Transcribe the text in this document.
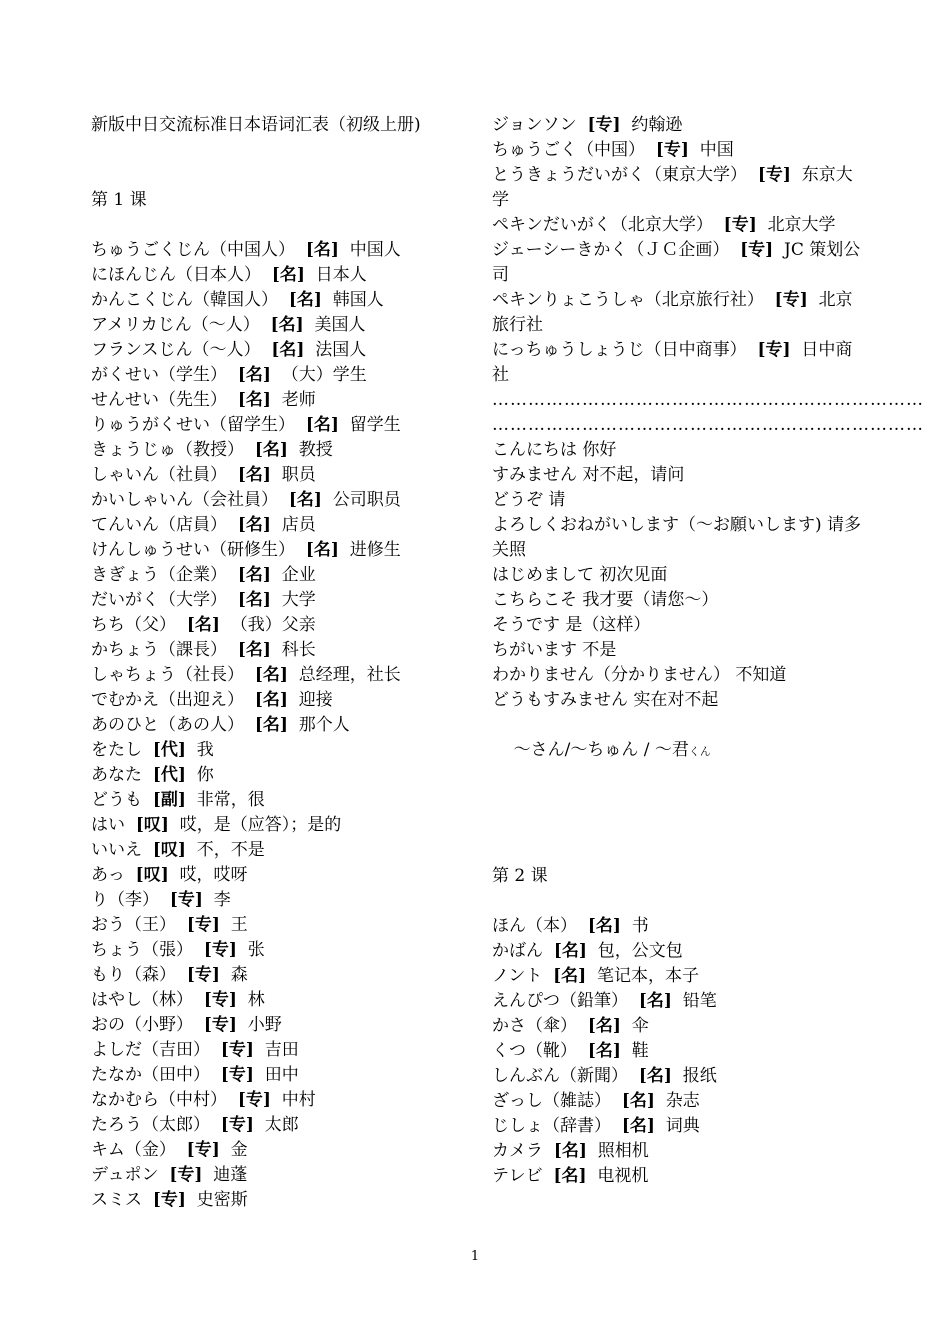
新版中日交流标准日本语词汇表（初级上册)
第 1 课
ちゅうごくじん（中国人） [名] 中国人
にほんじん（日本人） [名] 日本人
かんこくじん（韓国人） [名] 韩国人
アメリカじん（～人） [名] 美国人
フランスじん（～人） [名] 法国人
がくせい（学生） [名] （大）学生
せんせい（先生） [名] 老师
りゅうがくせい（留学生） [名] 留学生
きょうじゅ（教授） [名] 教授
しゃいん（社員） [名] 职员
かいしゃいん（会社員） [名] 公司职员
てんいん（店員） [名] 店员
けんしゅうせい（研修生） [名] 进修生
きぎょう（企業） [名] 企业
だいがく（大学） [名] 大学
ちち（父） [名] （我）父亲
かちょう（課長） [名] 科长
しゃちょう（社長） [名] 总经理，社长
でむかえ（出迎え） [名] 迎接
あのひと（あの人） [名] 那个人
をたし [代] 我
あなた [代] 你
どうも [副] 非常，很
はい [叹] 哎，是（应答）；是的
いいえ [叹] 不，不是
あっ [叹] 哎，哎呀
り（李） [专] 李
おう（王） [专] 王
ちょう（張） [专] 张
もり（森） [专] 森
はやし（林） [专] 林
おの（小野） [专] 小野
よしだ（吉田） [专] 吉田
たなか（田中） [专] 田中
なかむら（中村） [专] 中村
たろう（太郎） [专] 太郎
キム（金） [专] 金
デュポン [专] 迪蓬
スミス [专] 史密斯
ジョンソン [专] 约翰逊
ちゅうごく（中国） [专] 中国
とうきょうだいがく（東京大学） [专] 东京大学
ペキンだいがく（北京大学） [专] 北京大学
ジェーシーきかく（ＪＣ企画） [专] JC 策划公司
ペキンりょこうしゃ（北京旅行社） [专] 北京旅行社
にっちゅうしょうじ（日中商事） [专] 日中商社
………………………………………………………………
………………………………………………………………
こんにちは 你好
すみません 对不起，请问
どうぞ 请
よろしくおねがいします（～お願いします) 请多关照
はじめまして 初次见面
こちらこそ 我才要（请您～）
そうです 是（这样）
ちがいます 不是
わかりません（分かりません） 不知道
どうもすみません 实在对不起

～さん/～ちゅん / ～君くん

第 2 课
ほん（本） [名] 书
かばん [名] 包，公文包
ノント [名] 笔记本，本子
えんぴつ（鉛筆） [名] 铅笔
かさ（傘） [名] 伞
くつ（靴） [名] 鞋
しんぶん（新聞） [名] 报纸
ざっし（雑誌） [名] 杂志
じしょ（辞書） [名] 词典
カメラ [名] 照相机
テレビ [名] 电视机
1
